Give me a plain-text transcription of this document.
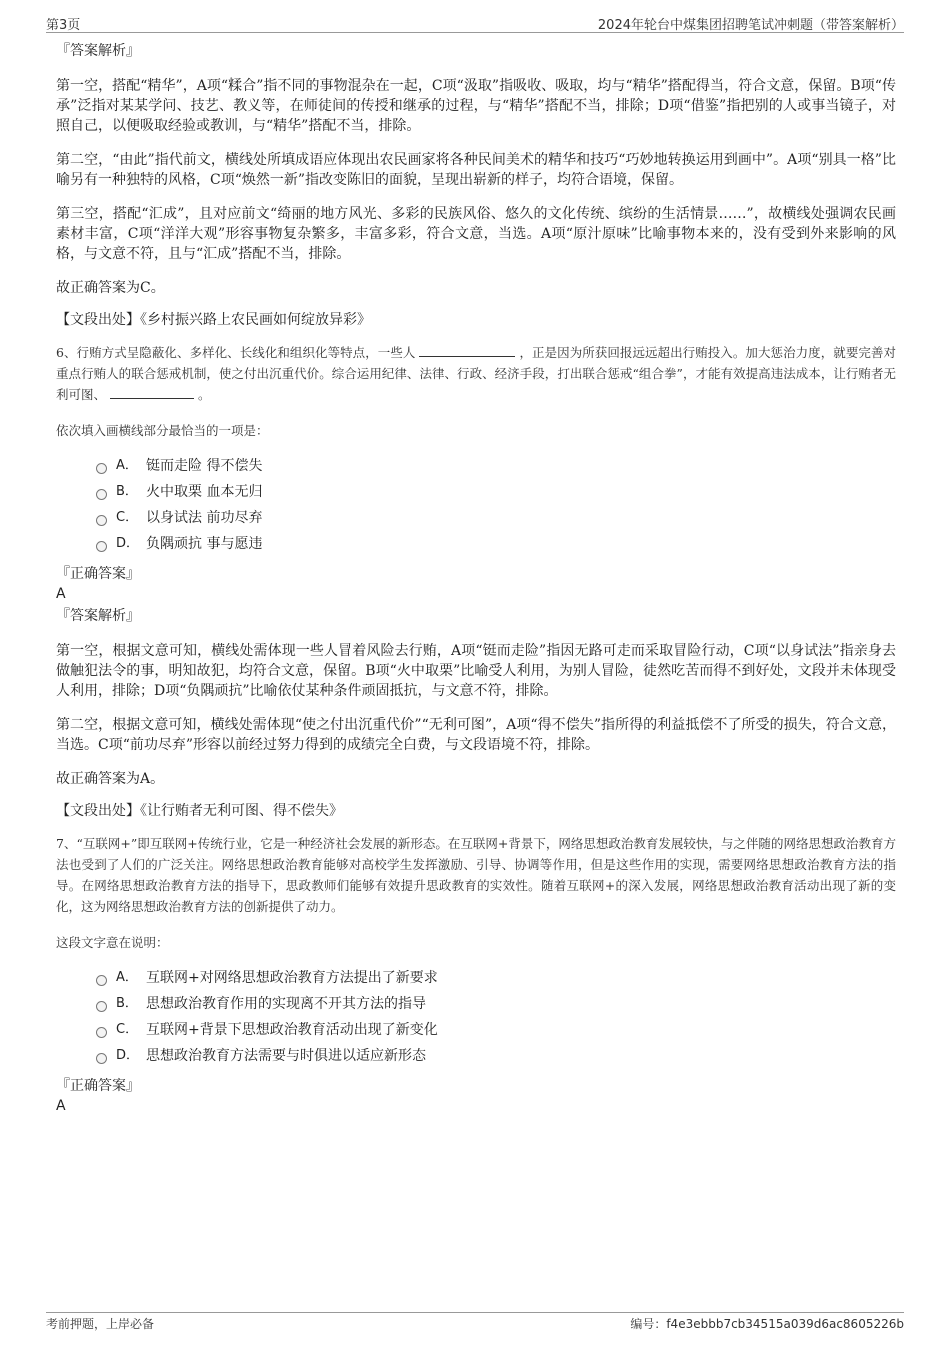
第3页	2024年轮台中煤集团招聘笔试冲刺题（带答案解析）

『答案解析』

第一空，搭配“精华”，A项“糅合”指不同的事物混杂在一起，C项“汲取”指吸收、吸取，均与“精华”搭配得当，符合文意，保留。B项“传承”泛指对某某学问、技艺、教义等，在师徒间的传授和继承的过程，与“精华”搭配不当，排除；D项“借鉴”指把别的人或事当镜子，对照自己，以便吸取经验或教训，与“精华”搭配不当，排除。

第二空，“由此”指代前文，横线处所填成语应体现出农民画家将各种民间美术的精华和技巧“巧妙地转换运用到画中”。A项“别具一格”比喻另有一种独特的风格，C项“焕然一新”指改变陈旧的面貌，呈现出崭新的样子，均符合语境，保留。

第三空，搭配“汇成”，且对应前文“绮丽的地方风光、多彩的民族风俗、悠久的文化传统、缤纷的生活情景……”，故横线处强调农民画素材丰富，C项“洋洋大观”形容事物复杂繁多，丰富多彩，符合文意，当选。A项“原汁原味”比喻事物本来的，没有受到外来影响的风格，与文意不符，且与“汇成”搭配不当，排除。

故正确答案为C。

【文段出处】《乡村振兴路上农民画如何绽放异彩》

6、行贿方式呈隐蔽化、多样化、长线化和组织化等特点，一些人	，正是因为所获回报远远超出行贿投入。加大惩治力度，就要完善对重点行贿人的联合惩戒机制，使之付出沉重代价。综合运用纪律、法律、行政、经济手段，打出联合惩戒“组合拳”，才能有效提高违法成本，让行贿者无利可图、	。

依次填入画横线部分最恰当的一项是：

A． 铤而走险 得不偿失
B． 火中取栗 血本无归
C． 以身试法 前功尽弃
D． 负隅顽抗 事与愿违

『正确答案』

A

『答案解析』

第一空，根据文意可知，横线处需体现一些人冒着风险去行贿，A项“铤而走险”指因无路可走而采取冒险行动，C项“以身试法”指亲身去做触犯法令的事，明知故犯，均符合文意，保留。B项“火中取栗”比喻受人利用，为别人冒险，徒然吃苦而得不到好处，文段并未体现受人利用，排除；D项“负隅顽抗”比喻依仗某种条件顽固抵抗，与文意不符，排除。

第二空，根据文意可知，横线处需体现“使之付出沉重代价”“无利可图”，A项“得不偿失”指所得的利益抵偿不了所受的损失，符合文意，当选。C项“前功尽弃”形容以前经过努力得到的成绩完全白费，与文段语境不符，排除。

故正确答案为A。

【文段出处】《让行贿者无利可图、得不偿失》

7、“互联网+”即互联网+传统行业，它是一种经济社会发展的新形态。在互联网+背景下，网络思想政治教育发展较快，与之伴随的网络思想政治教育方法也受到了人们的广泛关注。网络思想政治教育能够对高校学生发挥激励、引导、协调等作用，但是这些作用的实现，需要网络思想政治教育方法的指导。在网络思想政治教育方法的指导下，思政教师们能够有效提升思政教育的实效性。随着互联网+的深入发展，网络思想政治教育活动出现了新的变化，这为网络思想政治教育方法的创新提供了动力。

这段文字意在说明：

A． 互联网+对网络思想政治教育方法提出了新要求
B． 思想政治教育作用的实现离不开其方法的指导
C． 互联网+背景下思想政治教育活动出现了新变化
D． 思想政治教育方法需要与时俱进以适应新形态

『正确答案』

A

考前押题，上岸必备	编号：f4e3ebbb7cb34515a039d6ac8605226b
